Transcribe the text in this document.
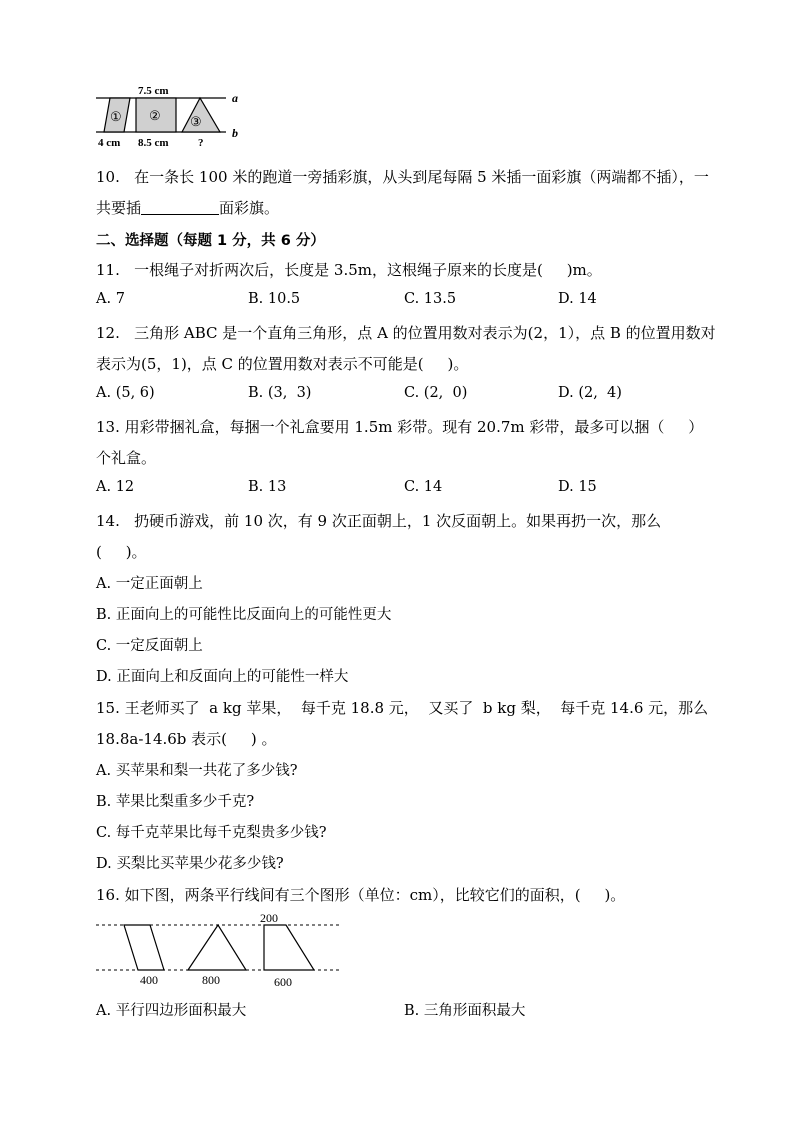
7.5 cm	a
b
① ② ③
4 cm 8.5 cm	?
10.   在一条长 100 米的跑道一旁插彩旗，从头到尾每隔 5 米插一面彩旗（两端都不插），一
共要插	面彩旗。
二、选择题（每题 1 分，共 6 分）
11.   一根绳子对折两次后，长度是 3.5m，这根绳子原来的长度是(     )m。
A. 7	B. 10.5	C. 13.5	D. 14
12.   三角形 ABC 是一个直角三角形，点 A 的位置用数对表示为(2，1），点 B 的位置用数对
表示为(5，1)，点 C 的位置用数对表示不可能是(     )。
A. (5, 6)	B. (3,  3)	C. (2,  0)	D. (2,  4)
13. 用彩带捆礼盒，每捆一个礼盒要用 1.5m 彩带。现有 20.7m 彩带，最多可以捆（     ）
个礼盒。
A. 12	B. 13	C. 14	D. 15
14.   扔硬币游戏，前 10 次，有 9 次正面朝上，1 次反面朝上。如果再扔一次，那么
(     )。
A. 一定正面朝上
B. 正面向上的可能性比反面向上的可能性更大
C. 一定反面朝上
D. 正面向上和反面向上的可能性一样大
15. 王老师买了  a kg 苹果，  每千克 18.8 元，  又买了  b kg 梨，  每千克 14.6 元，那么
18.8a-14.6b 表示(     ) 。
A. 买苹果和梨一共花了多少钱?
B. 苹果比梨重多少千克?
C. 每千克苹果比每千克梨贵多少钱?
D. 买梨比买苹果少花多少钱?
16. 如下图，两条平行线间有三个图形（单位：cm），比较它们的面积，(     )。
200
400	800	600
A. 平行四边形面积最大	B. 三角形面积最大
